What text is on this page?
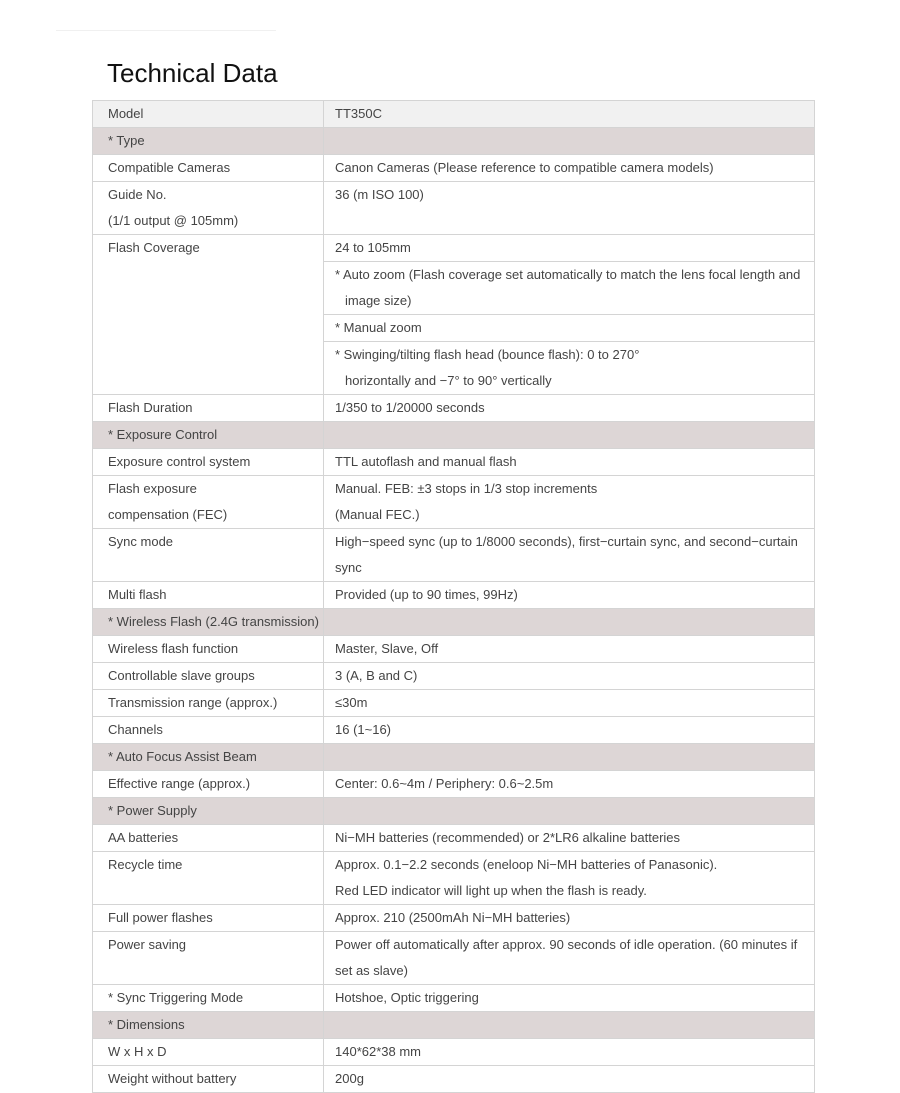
Technical Data
Model	TT350C

* Type	

Compatible Cameras	Canon Cameras (Please reference to compatible camera models)

Guide No.
(1/1 output @ 105mm)	36 (m ISO 100)

Flash Coverage	24 to 105mm

	* Auto zoom (Flash coverage set automatically to match the lens focal length and
image size)

	* Manual zoom

	* Swinging/tilting flash head (bounce flash): 0 to 270°
horizontally and −7° to 90° vertically

Flash Duration	1/350 to 1/20000 seconds

* Exposure Control	

Exposure control system	TTL autoflash and manual flash

Flash exposure
compensation (FEC)	Manual. FEB: ±3 stops in 1/3 stop increments
(Manual FEC.)

Sync mode	High−speed sync (up to 1/8000 seconds), first−curtain sync, and second−curtain
sync

Multi flash	Provided (up to 90 times, 99Hz)

* Wireless Flash (2.4G transmission)	

Wireless flash function	Master, Slave, Off

Controllable slave groups	3 (A, B and C)

Transmission range (approx.)	≤30m

Channels	16 (1~16)

* Auto Focus Assist Beam	

Effective range (approx.)	Center: 0.6~4m / Periphery: 0.6~2.5m

* Power Supply	

AA batteries	Ni−MH batteries (recommended) or 2*LR6 alkaline batteries

Recycle time	Approx. 0.1−2.2 seconds (eneloop Ni−MH batteries of Panasonic).
Red LED indicator will light up when the flash is ready.

Full power flashes	Approx. 210 (2500mAh Ni−MH batteries)

Power saving	Power off automatically after approx. 90 seconds of idle operation. (60 minutes if
set as slave)

* Sync Triggering Mode	Hotshoe, Optic triggering

* Dimensions	

W x H x D	140*62*38 mm

Weight without battery	200g
